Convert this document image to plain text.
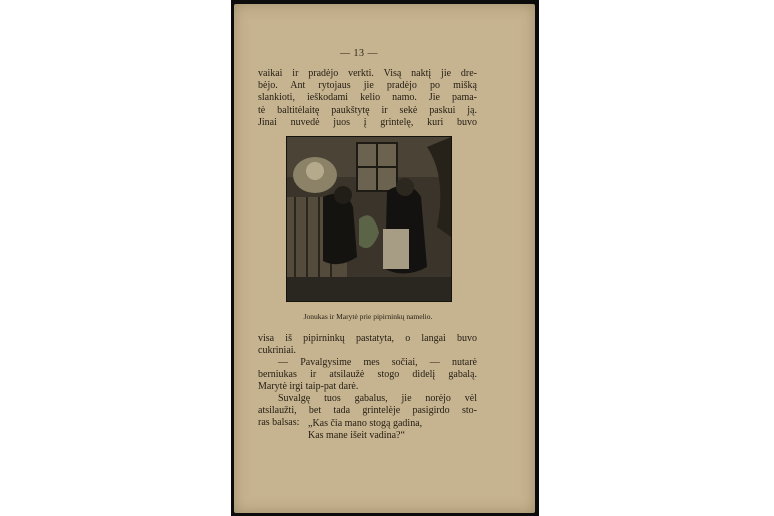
— 13 —

vaikai ir pradėjo verkti. Visą naktį jie dre-
bėjo. Ant rytojaus jie pradėjo po mišką
slankioti, ieškodami kelio namo. Jie pama-
tė baltitėlaitę paukštytę ir sekė paskui ją.
Jinai nuvedė juos į grintelę, kuri buvo

Jonukas ir Marytė prie pipirninkų namelio.

visa iš pipirninkų pastatyta, o langai buvo
cukriniai.

— Pavalgysime mes sočiai, — nutarė
berniukas ir atsilaužė stogo didelį gabalą.
Marytė irgi taip-pat darė.

Suvalgę tuos gabalus, jie norėjo vėl
atsilaužti, bet tada grintelėje pasigirdo sto-
ras balsas: „Kas čia mano stogą gadina,
Kas mane išeit vadina?“
